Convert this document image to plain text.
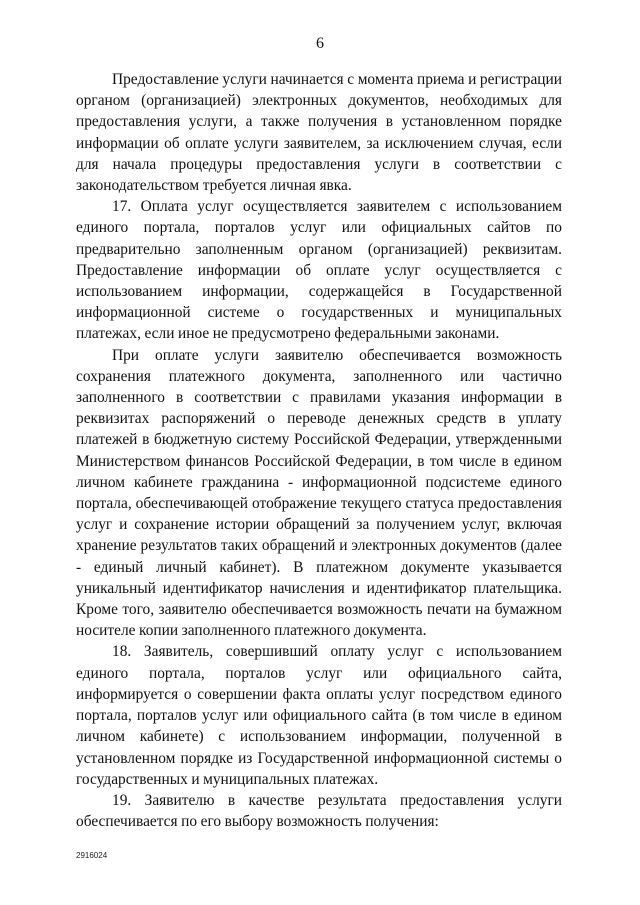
6

Предоставление услуги начинается с момента приема и регистрации органом (организацией) электронных документов, необходимых для предоставления услуги, а также получения в установленном порядке информации об оплате услуги заявителем, за исключением случая, если для начала процедуры предоставления услуги в соответствии с законодательством требуется личная явка.

17. Оплата услуг осуществляется заявителем с использованием единого портала, порталов услуг или официальных сайтов по предварительно заполненным органом (организацией) реквизитам. Предоставление информации об оплате услуг осуществляется с использованием информации, содержащейся в Государственной информационной системе о государственных и муниципальных платежах, если иное не предусмотрено федеральными законами.

При оплате услуги заявителю обеспечивается возможность сохранения платежного документа, заполненного или частично заполненного в соответствии с правилами указания информации в реквизитах распоряжений о переводе денежных средств в уплату платежей в бюджетную систему Российской Федерации, утвержденными Министерством финансов Российской Федерации, в том числе в едином личном кабинете гражданина - информационной подсистеме единого портала, обеспечивающей отображение текущего статуса предоставления услуг и сохранение истории обращений за получением услуг, включая хранение результатов таких обращений и электронных документов (далее - единый личный кабинет). В платежном документе указывается уникальный идентификатор начисления и идентификатор плательщика. Кроме того, заявителю обеспечивается возможность печати на бумажном носителе копии заполненного платежного документа.

18. Заявитель, совершивший оплату услуг с использованием единого портала, порталов услуг или официального сайта, информируется о совершении факта оплаты услуг посредством единого портала, порталов услуг или официального сайта (в том числе в едином личном кабинете) с использованием информации, полученной в установленном порядке из Государственной информационной системы о государственных и муниципальных платежах.

19. Заявителю в качестве результата предоставления услуги обеспечивается по его выбору возможность получения:

2916024
